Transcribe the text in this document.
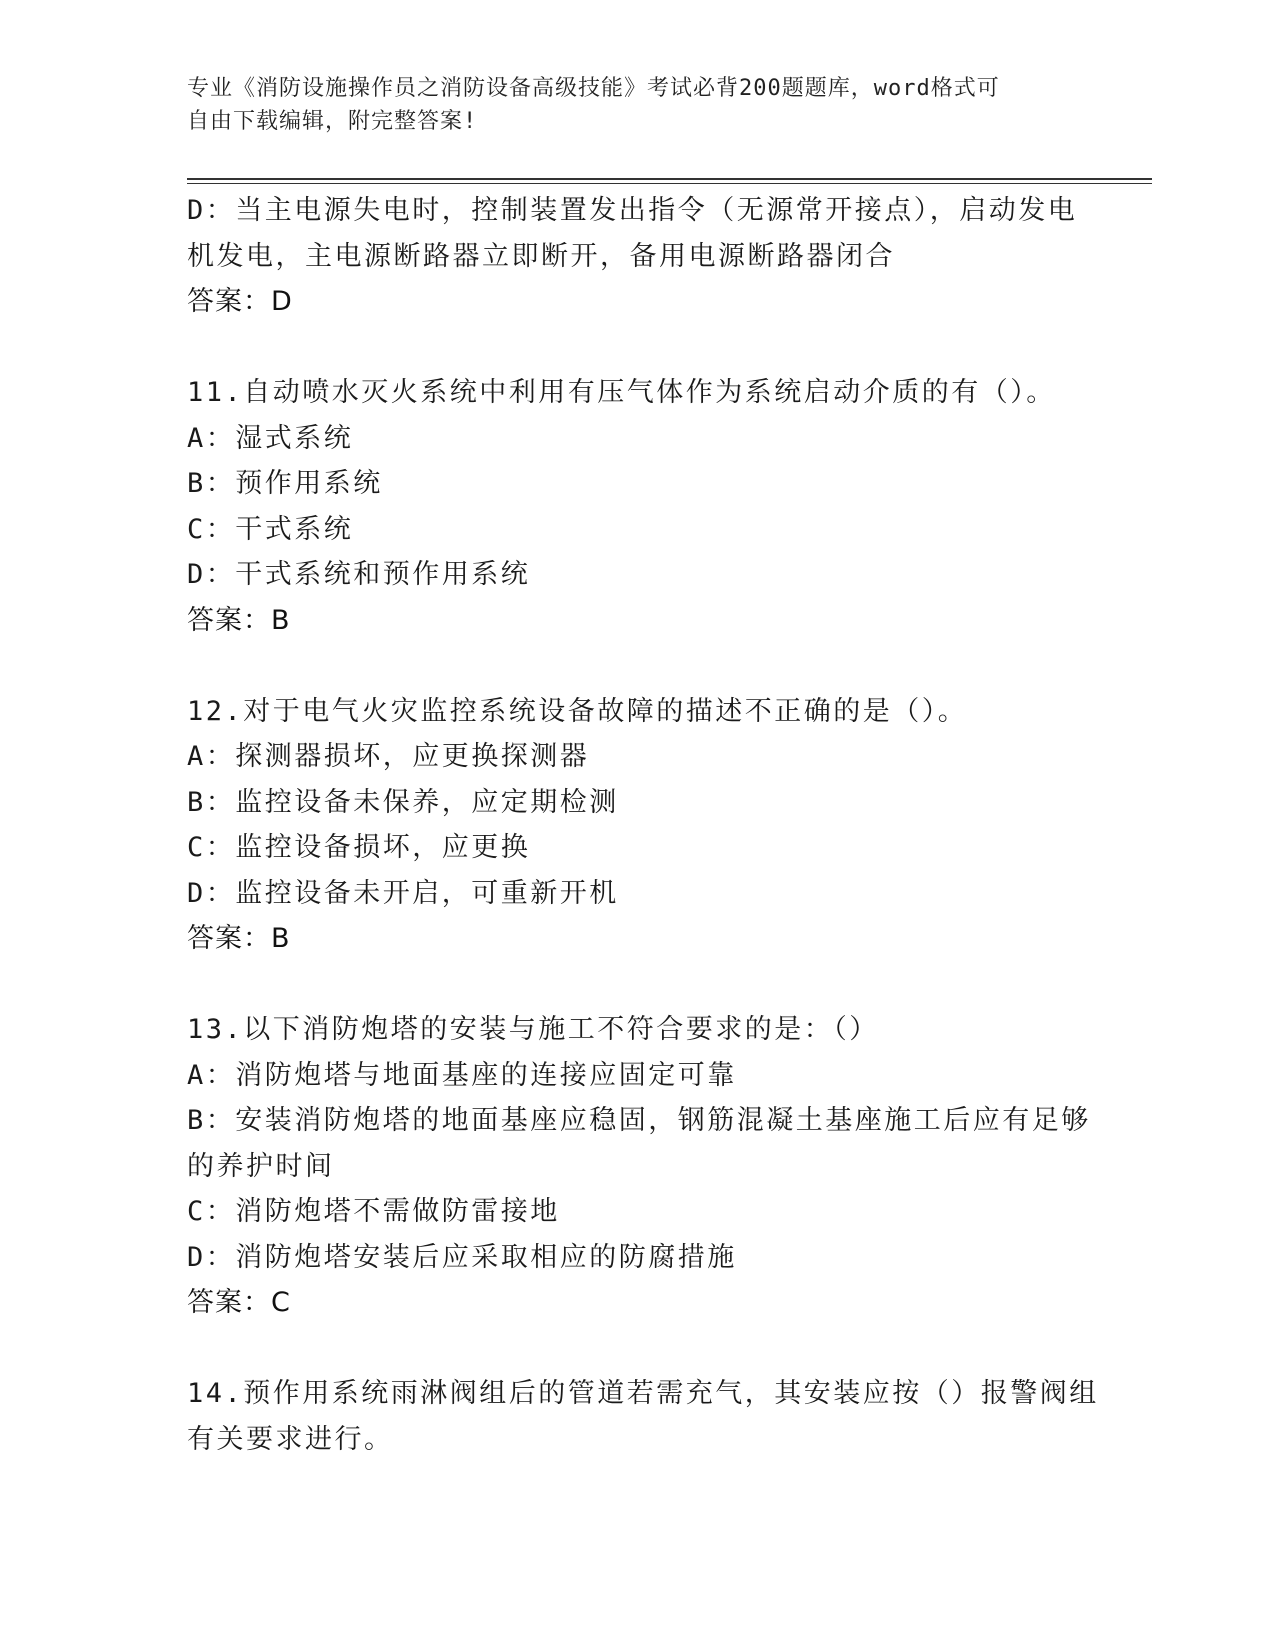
专业《消防设施操作员之消防设备高级技能》考试必背200题题库，word格式可
自由下载编辑，附完整答案!
D：当主电源失电时，控制装置发出指令（无源常开接点），启动发电
机发电，主电源断路器立即断开，备用电源断路器闭合
答案：D
11.自动喷水灭火系统中利用有压气体作为系统启动介质的有（）。
A：湿式系统
B：预作用系统
C：干式系统
D：干式系统和预作用系统
答案：B
12.对于电气火灾监控系统设备故障的描述不正确的是（）。
A：探测器损坏，应更换探测器
B：监控设备未保养，应定期检测
C：监控设备损坏，应更换
D：监控设备未开启，可重新开机
答案：B
13.以下消防炮塔的安装与施工不符合要求的是：（）
A：消防炮塔与地面基座的连接应固定可靠
B：安装消防炮塔的地面基座应稳固，钢筋混凝土基座施工后应有足够
的养护时间
C：消防炮塔不需做防雷接地
D：消防炮塔安装后应采取相应的防腐措施
答案：C
14.预作用系统雨淋阀组后的管道若需充气，其安装应按（）报警阀组
有关要求进行。
